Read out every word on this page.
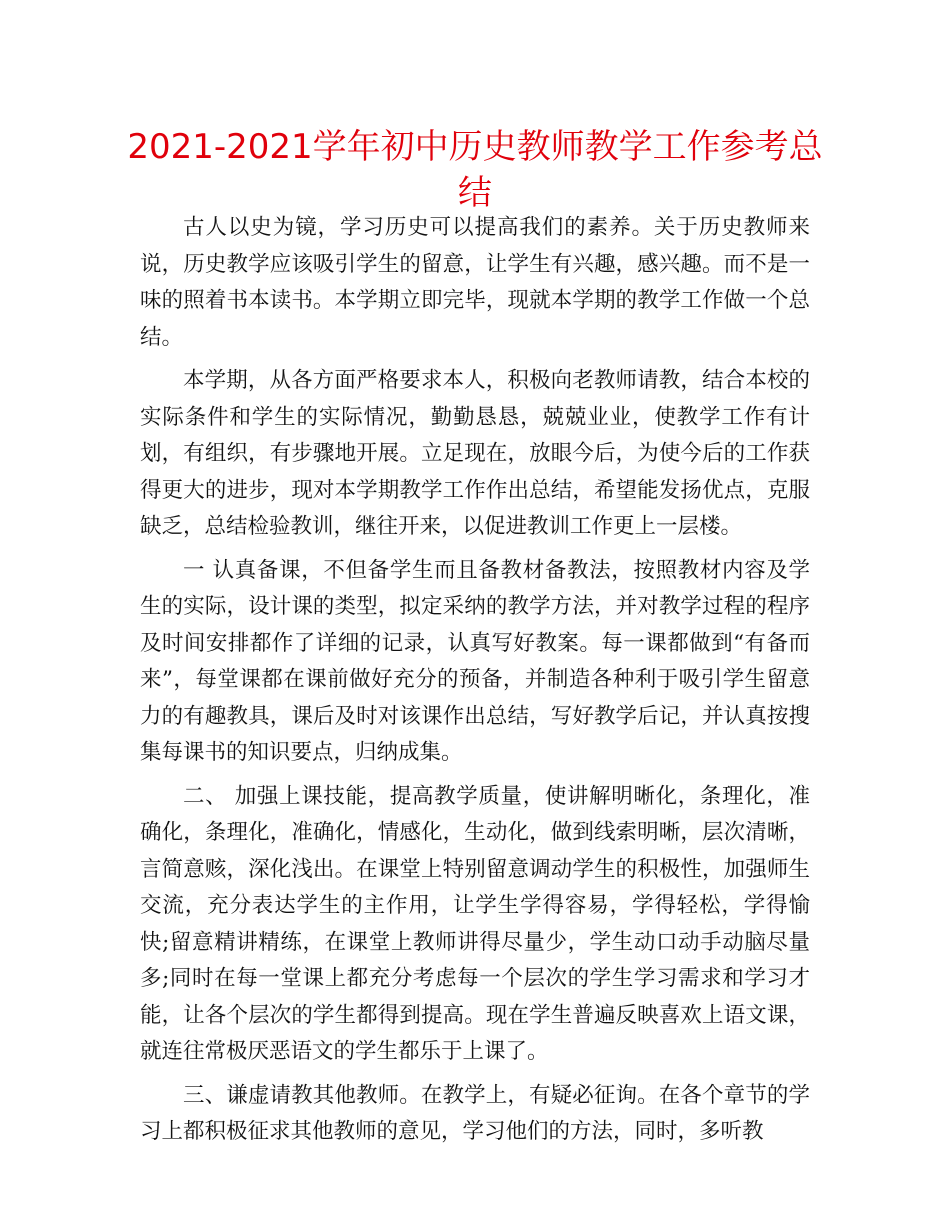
2021-2021学年初中历史教师教学工作参考总结

古人以史为镜，学习历史可以提高我们的素养。关于历史教师来说，历史教学应该吸引学生的留意，让学生有兴趣，感兴趣。而不是一味的照着书本读书。本学期立即完毕，现就本学期的教学工作做一个总结。

本学期，从各方面严格要求本人，积极向老教师请教，结合本校的实际条件和学生的实际情况，勤勤恳恳，兢兢业业，使教学工作有计划，有组织，有步骤地开展。立足现在，放眼今后，为使今后的工作获得更大的进步，现对本学期教学工作作出总结，希望能发扬优点，克服缺乏，总结检验教训，继往开来，以促进教训工作更上一层楼。

一 认真备课，不但备学生而且备教材备教法，按照教材内容及学生的实际，设计课的类型，拟定采纳的教学方法，并对教学过程的程序及时间安排都作了详细的记录，认真写好教案。每一课都做到“有备而来”，每堂课都在课前做好充分的预备，并制造各种利于吸引学生留意力的有趣教具，课后及时对该课作出总结，写好教学后记，并认真按搜集每课书的知识要点，归纳成集。

二、 加强上课技能，提高教学质量，使讲解明晰化，条理化，准确化，条理化，准确化，情感化，生动化，做到线索明晰，层次清晰，言简意赅，深化浅出。在课堂上特别留意调动学生的积极性，加强师生交流，充分表达学生的主作用，让学生学得容易，学得轻松，学得愉快;留意精讲精练，在课堂上教师讲得尽量少，学生动口动手动脑尽量多;同时在每一堂课上都充分考虑每一个层次的学生学习需求和学习才能，让各个层次的学生都得到提高。现在学生普遍反映喜欢上语文课，就连往常极厌恶语文的学生都乐于上课了。

三、谦虚请教其他教师。在教学上，有疑必征询。在各个章节的学习上都积极征求其他教师的意见，学习他们的方法，同时，多听教
